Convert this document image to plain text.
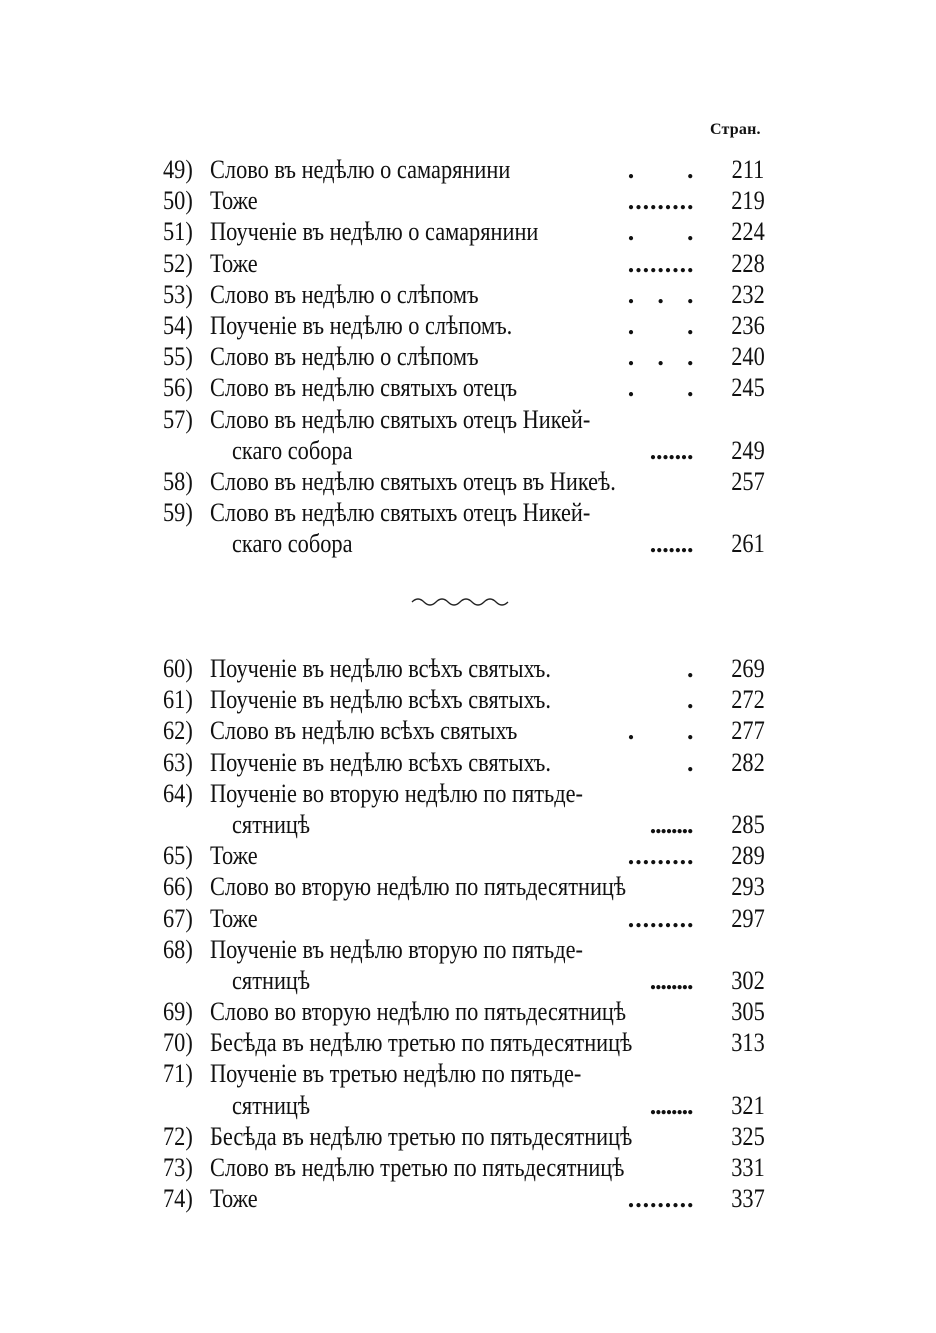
Стран.
49) Слово въ недѣлю о самарянини	211
. .
50) Тоже	219
. . . . . . . . .
51) Поученіе въ недѣлю о самарянини	224
. .
52) Тоже	228
. . . . . . . . .
53) Слово въ недѣлю о слѣпомъ	232
. . .
54) Поученіе въ недѣлю о слѣпомъ.	236
. .
55) Слово въ недѣлю о слѣпомъ	240
. . .
56) Слово въ недѣлю святыхъ отецъ	245
. .
57) Слово въ недѣлю святыхъ отецъ Никей-
скаго собора	249
. . . . . . .
58) Слово въ недѣлю святыхъ отецъ въ Никеѣ.	257
59) Слово въ недѣлю святыхъ отецъ Никей-
скаго собора	261
. . . . . . .
60) Поученіе въ недѣлю всѣхъ святыхъ.	269
.
61) Поученіе въ недѣлю всѣхъ святыхъ.	272
.
62) Слово въ недѣлю всѣхъ святыхъ	277
. .
63) Поученіе въ недѣлю всѣхъ святыхъ.	282
.
64) Поученіе во вторую недѣлю по пятьде-
сятницѣ	285
.
.
.
.
.
.
.
.
65) Тоже	289
. . . . . . . . .
66) Слово во вторую недѣлю по пятьдесятницѣ	293
67) Тоже	297
. . . . . . . . .
68) Поученіе въ недѣлю вторую по пятьде-
сятницѣ	302
.
.
.
.
.
.
.
.
69) Слово во вторую недѣлю по пятьдесятницѣ	305
70) Бесѣда въ недѣлю третью по пятьдесятницѣ	313
71) Поученіе въ третью недѣлю по пятьде-
сятницѣ	321
.
.
.
.
.
.
.
.
72) Бесѣда въ недѣлю третью по пятьдесятницѣ	325
73) Слово въ недѣлю третью по пятьдесятницѣ	331
74) Тоже	337
. . . . . . . . .
